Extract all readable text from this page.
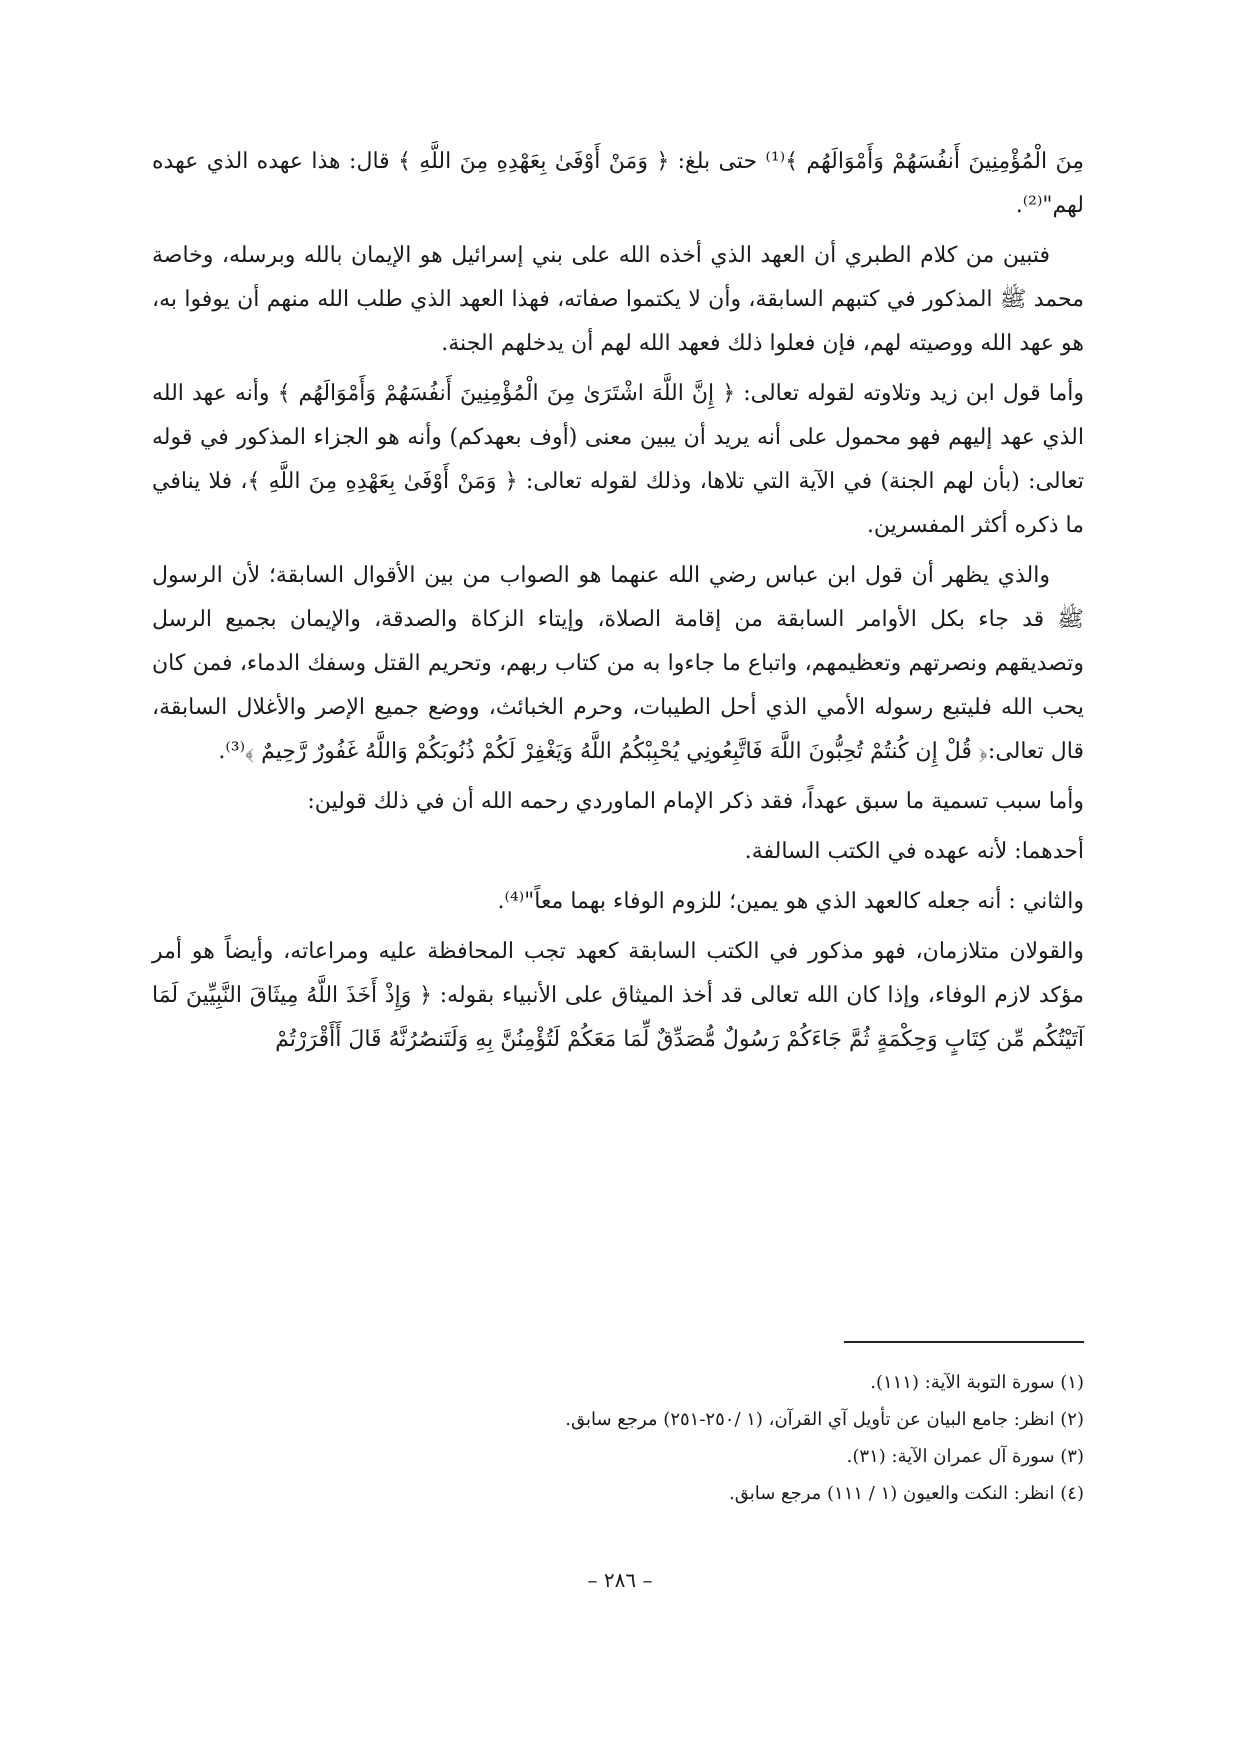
مِنَ الْمُؤْمِنِينَ أَنفُسَهُمْ وَأَمْوَالَهُم ﴾⁽¹⁾ حتى بلغ: ﴿ وَمَنْ أَوْفَىٰ بِعَهْدِهِ مِنَ اللَّهِ ﴾ قال: هذا عهده الذي عهده لهم"⁽²⁾.

فتبين من كلام الطبري أن العهد الذي أخذه الله على بني إسرائيل هو الإيمان بالله وبرسله، وخاصة محمد ﷺ المذكور في كتبهم السابقة، وأن لا يكتموا صفاته، فهذا العهد الذي طلب الله منهم أن يوفوا به، هو عهد الله ووصيته لهم، فإن فعلوا ذلك فعهد الله لهم أن يدخلهم الجنة.

وأما قول ابن زيد وتلاوته لقوله تعالى: ﴿ إِنَّ اللَّهَ اشْتَرَىٰ مِنَ الْمُؤْمِنِينَ أَنفُسَهُمْ وَأَمْوَالَهُم ﴾ وأنه عهد الله الذي عهد إليهم فهو محمول على أنه يريد أن يبين معنى (أوف بعهدكم) وأنه هو الجزاء المذكور في قوله تعالى: (بأن لهم الجنة) في الآية التي تلاها، وذلك لقوله تعالى: ﴿ وَمَنْ أَوْفَىٰ بِعَهْدِهِ مِنَ اللَّهِ ﴾، فلا ينافي ما ذكره أكثر المفسرين.

والذي يظهر أن قول ابن عباس رضي الله عنهما هو الصواب من بين الأقوال السابقة؛ لأن الرسول ﷺ قد جاء بكل الأوامر السابقة من إقامة الصلاة، وإيتاء الزكاة والصدقة، والإيمان بجميع الرسل وتصديقهم ونصرتهم وتعظيمهم، واتباع ما جاءوا به من كتاب ربهم، وتحريم القتل وسفك الدماء، فمن كان يحب الله فليتبع رسوله الأمي الذي أحل الطيبات، وحرم الخبائث، ووضع جميع الإصر والأغلال السابقة، قال تعالى:﴿ قُلْ إِن كُنتُمْ تُحِبُّونَ اللَّهَ فَاتَّبِعُونِي يُحْبِبْكُمُ اللَّهُ وَيَغْفِرْ لَكُمْ ذُنُوبَكُمْ وَاللَّهُ غَفُورٌ رَّحِيمٌ ﴾⁽³⁾.

وأما سبب تسمية ما سبق عهداً، فقد ذكر الإمام الماوردي رحمه الله أن في ذلك قولين:

أحدهما: لأنه عهده في الكتب السالفة.

والثاني : أنه جعله كالعهد الذي هو يمين؛ للزوم الوفاء بهما معاً"⁽⁴⁾.

والقولان متلازمان، فهو مذكور في الكتب السابقة كعهد تجب المحافظة عليه ومراعاته، وأيضاً هو أمر مؤكد لازم الوفاء، وإذا كان الله تعالى قد أخذ الميثاق على الأنبياء بقوله: ﴿ وَإِذْ أَخَذَ اللَّهُ مِيثَاقَ النَّبِيِّينَ لَمَا آتَيْتُكُم مِّن كِتَابٍ وَحِكْمَةٍ ثُمَّ جَاءَكُمْ رَسُولٌ مُّصَدِّقٌ لِّمَا مَعَكُمْ لَتُؤْمِنُنَّ بِهِ وَلَتَنصُرُنَّهُ قَالَ أَأَقْرَرْتُمْ

(١) سورة التوبة الآية: (١١١).
(٢) انظر: جامع البيان عن تأويل آي القرآن، (١ /٢٥٠-٢٥١) مرجع سابق.
(٣) سورة آل عمران الآية: (٣١).
(٤) انظر: النكت والعيون (١ / ١١١) مرجع سابق.
– ٢٨٦ –
